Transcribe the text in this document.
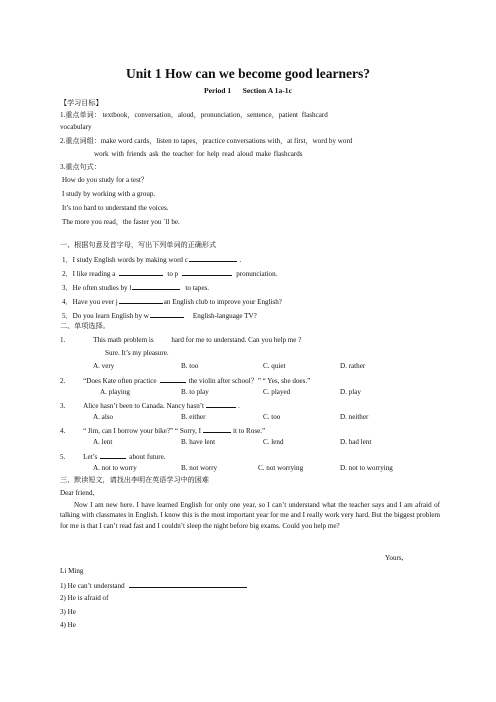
Unit 1 How can we become good learners?
Period 1      Section A 1a-1c
【学习目标】
1.重点单词： textbook，conversation，aloud，pronunciation，sentence，patient flashcard
vocabulary
2.重点词组：make word cards，listen to tapes，practice conversations with，at first，word by word
work with friends ask the teacher for help read aloud make flashcards
3.重点句式：
How do you study for a test？
I study by working with a group.
It’s too hard to understand the voices.
The more you read，the faster you `ll be.
一、根据句意及首字母，写出下列单词的正确形式
1．I study English words by making word c	.
2．I like reading a	to p	pronunciation.
3．He often studies by l	to tapes.
4．Have you ever j	an English club to improve your English?
5．Do you learn English by w	English-language TV?
二、单项选择。
1.	This math problem is          hard for me to understand. Can you help me ?
Sure. It’s my pleasure.
A. very	B. too	C. quiet	D. rather
2.	“Does Kate often practice	the violin after school？” “ Yes, she does.”
A. playing	B. to play	C. played	D. play
3.	Alice hasn’t been to Canada. Nancy hasn’t	.
A. also	B. either	C. too	D. neither
4.	“ Jim, can I borrow your bike?” “ Sorry, I	it to Rose.”
A. lent	B. have lent	C. lend	D. had lent
5.	Let’s	about future.
A. not to worry	B. not worry	C. not worrying	D. not to worrying
三、默读短文，请找出李明在英语学习中的困难
Dear friend,
Now I am new here. I have learned English for only one year, so I can’t understand what the teacher says and I am afraid of talking with classmates in English. I know this is the most important year for me and I really work very hard. But the biggest problem for me is that I can’t read fast and I couldn’t sleep the night before big exams. Could you help me?
Yours,
Li Ming
1) He can’t understand
2) He is afraid of
3) He
4) He
